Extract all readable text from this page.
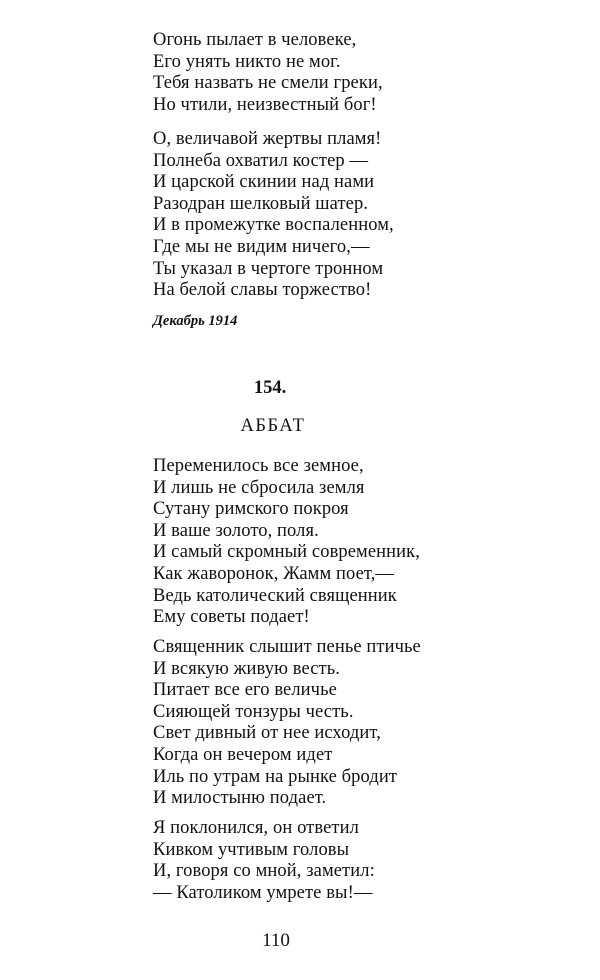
Огонь пылает в человеке,
Его унять никто не мог.
Тебя назвать не смели греки,
Но чтили, неизвестный бог!
О, величавой жертвы пламя!
Полнеба охватил костер —
И царской скинии над нами
Разодран шелковый шатер.
И в промежутке воспаленном,
Где мы не видим ничего,—
Ты указал в чертоге тронном
На белой славы торжество!
Декабрь 1914
154.
АББАТ
Переменилось все земное,
И лишь не сбросила земля
Сутану римского покроя
И ваше золото, поля.
И самый скромный современник,
Как жаворонок, Жамм поет,—
Ведь католический священник
Ему советы подает!
Священник слышит пенье птичье
И всякую живую весть.
Питает все его величье
Сияющей тонзуры честь.
Свет дивный от нее исходит,
Когда он вечером идет
Иль по утрам на рынке бродит
И милостыню подает.
Я поклонился, он ответил
Кивком учтивым головы
И, говоря со мной, заметил:
— Католиком умрете вы!—
110
